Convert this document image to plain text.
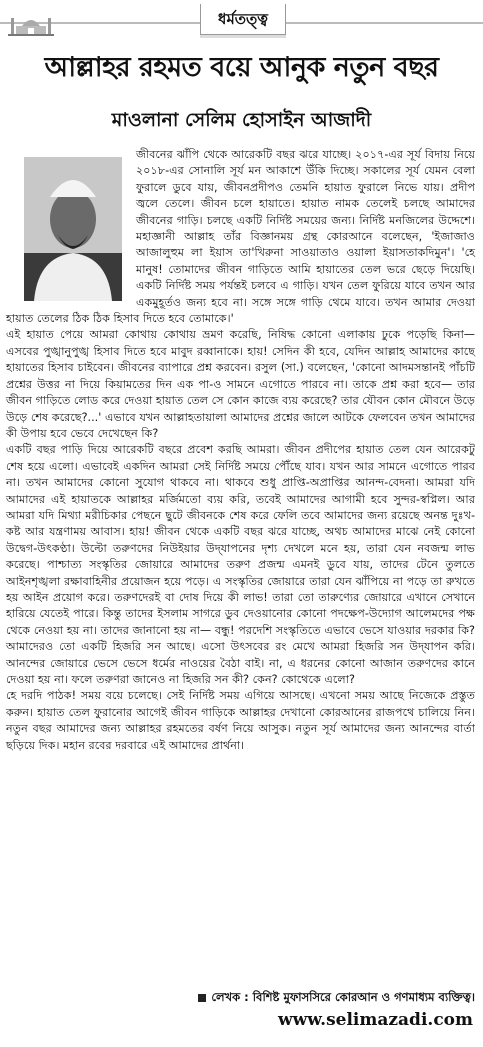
ধর্মতত্ত্ব
আল্লাহর রহমত বয়ে আনুক নতুন বছর
মাওলানা সেলিম হোসাইন আজাদী

জীবনের ঝাঁপি থেকে আরেকটি বছর ঝরে যাচ্ছে। ২০১৭-এর সূর্য বিদায় নিয়ে ২০১৮-এর সোনালি সূর্য মন আকাশে উঁকি দিচ্ছে। সকালের সূর্য যেমন বেলা ফুরালে ডুবে যায়, জীবনপ্রদীপও তেমনি হায়াত ফুরালে নিভে যায়। প্রদীপ জ্বলে তেলে। জীবন চলে হায়াতে। হায়াত নামক তেলেই চলছে আমাদের জীবনের গাড়ি। চলছে একটি নির্দিষ্ট সময়ের জন্য। নির্দিষ্ট মনজিলের উদ্দেশে। মহাজ্ঞানী আল্লাহ তাঁর বিজ্ঞানময় গ্রন্থ কোরআনে বলেছেন, 'ইজাজাও আজালুহুম লা ইয়াস তা'খিরুনা সাওয়াতাও ওয়ালা ইয়াসতাকদিমুন'। 'হে মানুষ! তোমাদের জীবন গাড়িতে আমি হায়াতের তেল ভরে ছেড়ে দিয়েছি। একটি নির্দিষ্ট সময় পর্যন্তই চলবে এ গাড়ি। যখন তেল ফুরিয়ে যাবে তখন আর একমুহূর্তও জন্য হবে না। সঙ্গে সঙ্গে গাড়ি থেমে যাবে। তখন আমার দেওয়া হায়াত তেলের ঠিক ঠিক হিসাব দিতে হবে তোমাকে।'

এই হায়াত পেয়ে আমরা কোথায় কোথায় ভ্রমণ করেছি, নিষিদ্ধ কোনো এলাকায় ঢুকে পড়েছি কিনা— এসবের পুঙ্খানুপুঙ্খ হিসাব দিতে হবে মাবুদ রব্বানাকে। হায়! সেদিন কী হবে, যেদিন আল্লাহ আমাদের কাছে হায়াতের হিসাব চাইবেন। জীবনের ব্যাপারে প্রশ্ন করবেন। রসুল (সা.) বলেছেন, 'কোনো আদমসন্তানই পাঁচটি প্রশ্নের উত্তর না দিয়ে কিয়ামতের দিন এক পা-ও সামনে এগোতে পারবে না। তাকে প্রশ্ন করা হবে— তার জীবন গাড়িতে লোড করে দেওয়া হায়াত তেল সে কোন কাজে ব্যয় করেছে? তার যৌবন কোন মৌবনে উড়ে উড়ে শেষ করেছে?...' এভাবে যখন আল্লাহতায়ালা আমাদের প্রশ্নের জালে আটকে ফেলবেন তখন আমাদের কী উপায় হবে ভেবে দেখেছেন কি?

একটি বছর পাড়ি দিয়ে আরেকটি বছরে প্রবেশ করছি আমরা। জীবন প্রদীপের হায়াত তেল যেন আরেকটু শেষ হয়ে এলো। এভাবেই একদিন আমরা সেই নির্দিষ্ট সময়ে পৌঁছে যাব। যখন আর সামনে এগোতে পারব না। তখন আমাদের কোনো সুযোগ থাকবে না। থাকবে শুধু প্রাপ্তি-অপ্রাপ্তির আনন্দ-বেদনা। আমরা যদি আমাদের এই হায়াতকে আল্লাহর মর্জিমতো ব্যয় করি, তবেই আমাদের আগামী হবে সুন্দর-স্বপ্নিল। আর আমরা যদি মিথ্যা মরীচিকার পেছনে ছুটে জীবনকে শেষ করে ফেলি তবে আমাদের জন্য রয়েছে অনন্ত দুঃখ-কষ্ট আর যন্ত্রণাময় আবাস। হায়! জীবন থেকে একটি বছর ঝরে যাচ্ছে, অথচ আমাদের মাঝে নেই কোনো উদ্বেগ-উৎকণ্ঠা। উল্টো তরুণদের নিউইয়ার উদ্‌যাপনের দৃশ্য দেখলে মনে হয়, তারা যেন নবজন্ম লাভ করেছে। পাশ্চাত্য সংস্কৃতির জোয়ারে আমাদের তরুণ প্রজন্ম এমনই ডুবে যায়, তাদের টেনে তুলতে আইনশৃঙ্খলা রক্ষাবাহিনীর প্রয়োজন হয়ে পড়ে। এ সংস্কৃতির জোয়ারে তারা যেন ঝাঁপিয়ে না পড়ে তা রুখতে হয় আইন প্রয়োগ করে। তরুণদেরই বা দোষ দিয়ে কী লাভ! তারা তো তারুণ্যের জোয়ারে এখানে সেখানে হারিয়ে যেতেই পারে। কিন্তু তাদের ইসলাম সাগরে ডুব দেওয়ানোর কোনো পদক্ষেপ-উদ্যোগ আলেমদের পক্ষ থেকে নেওয়া হয় না। তাদের জানানো হয় না— বন্ধু! পরদেশি সংস্কৃতিতে এভাবে ভেসে যাওয়ার দরকার কি? আমাদেরও তো একটি হিজরি সন আছে। এসো উৎসবের রং মেখে আমরা হিজরি সন উদ্‌যাপন করি। আনন্দের জোয়ারে ভেসে ভেসে ধর্মের নাওয়ের বৈঠা বাই। না, এ ধরনের কোনো আজান তরুণদের কানে দেওয়া হয় না। ফলে তরুণরা জানেও না হিজরি সন কী? কেন? কোথেকে এলো?

হে দরদি পাঠক! সময় বয়ে চলেছে। সেই নির্দিষ্ট সময় এগিয়ে আসছে। এখনো সময় আছে নিজেকে প্রস্তুত করুন। হায়াত তেল ফুরানোর আগেই জীবন গাড়িকে আল্লাহর দেখানো কোরআনের রাজপথে চালিয়ে নিন। নতুন বছর আমাদের জন্য আল্লাহর রহমতের বর্ষণ নিয়ে আসুক। নতুন সূর্য আমাদের জন্য আনন্দের বার্তা ছড়িয়ে দিক। মহান রবের দরবারে এই আমাদের প্রার্থনা।

লেখক : বিশিষ্ট মুফাসসিরে কোরআন ও গণমাধ্যম ব্যক্তিত্ব।
www.selimazadi.com
